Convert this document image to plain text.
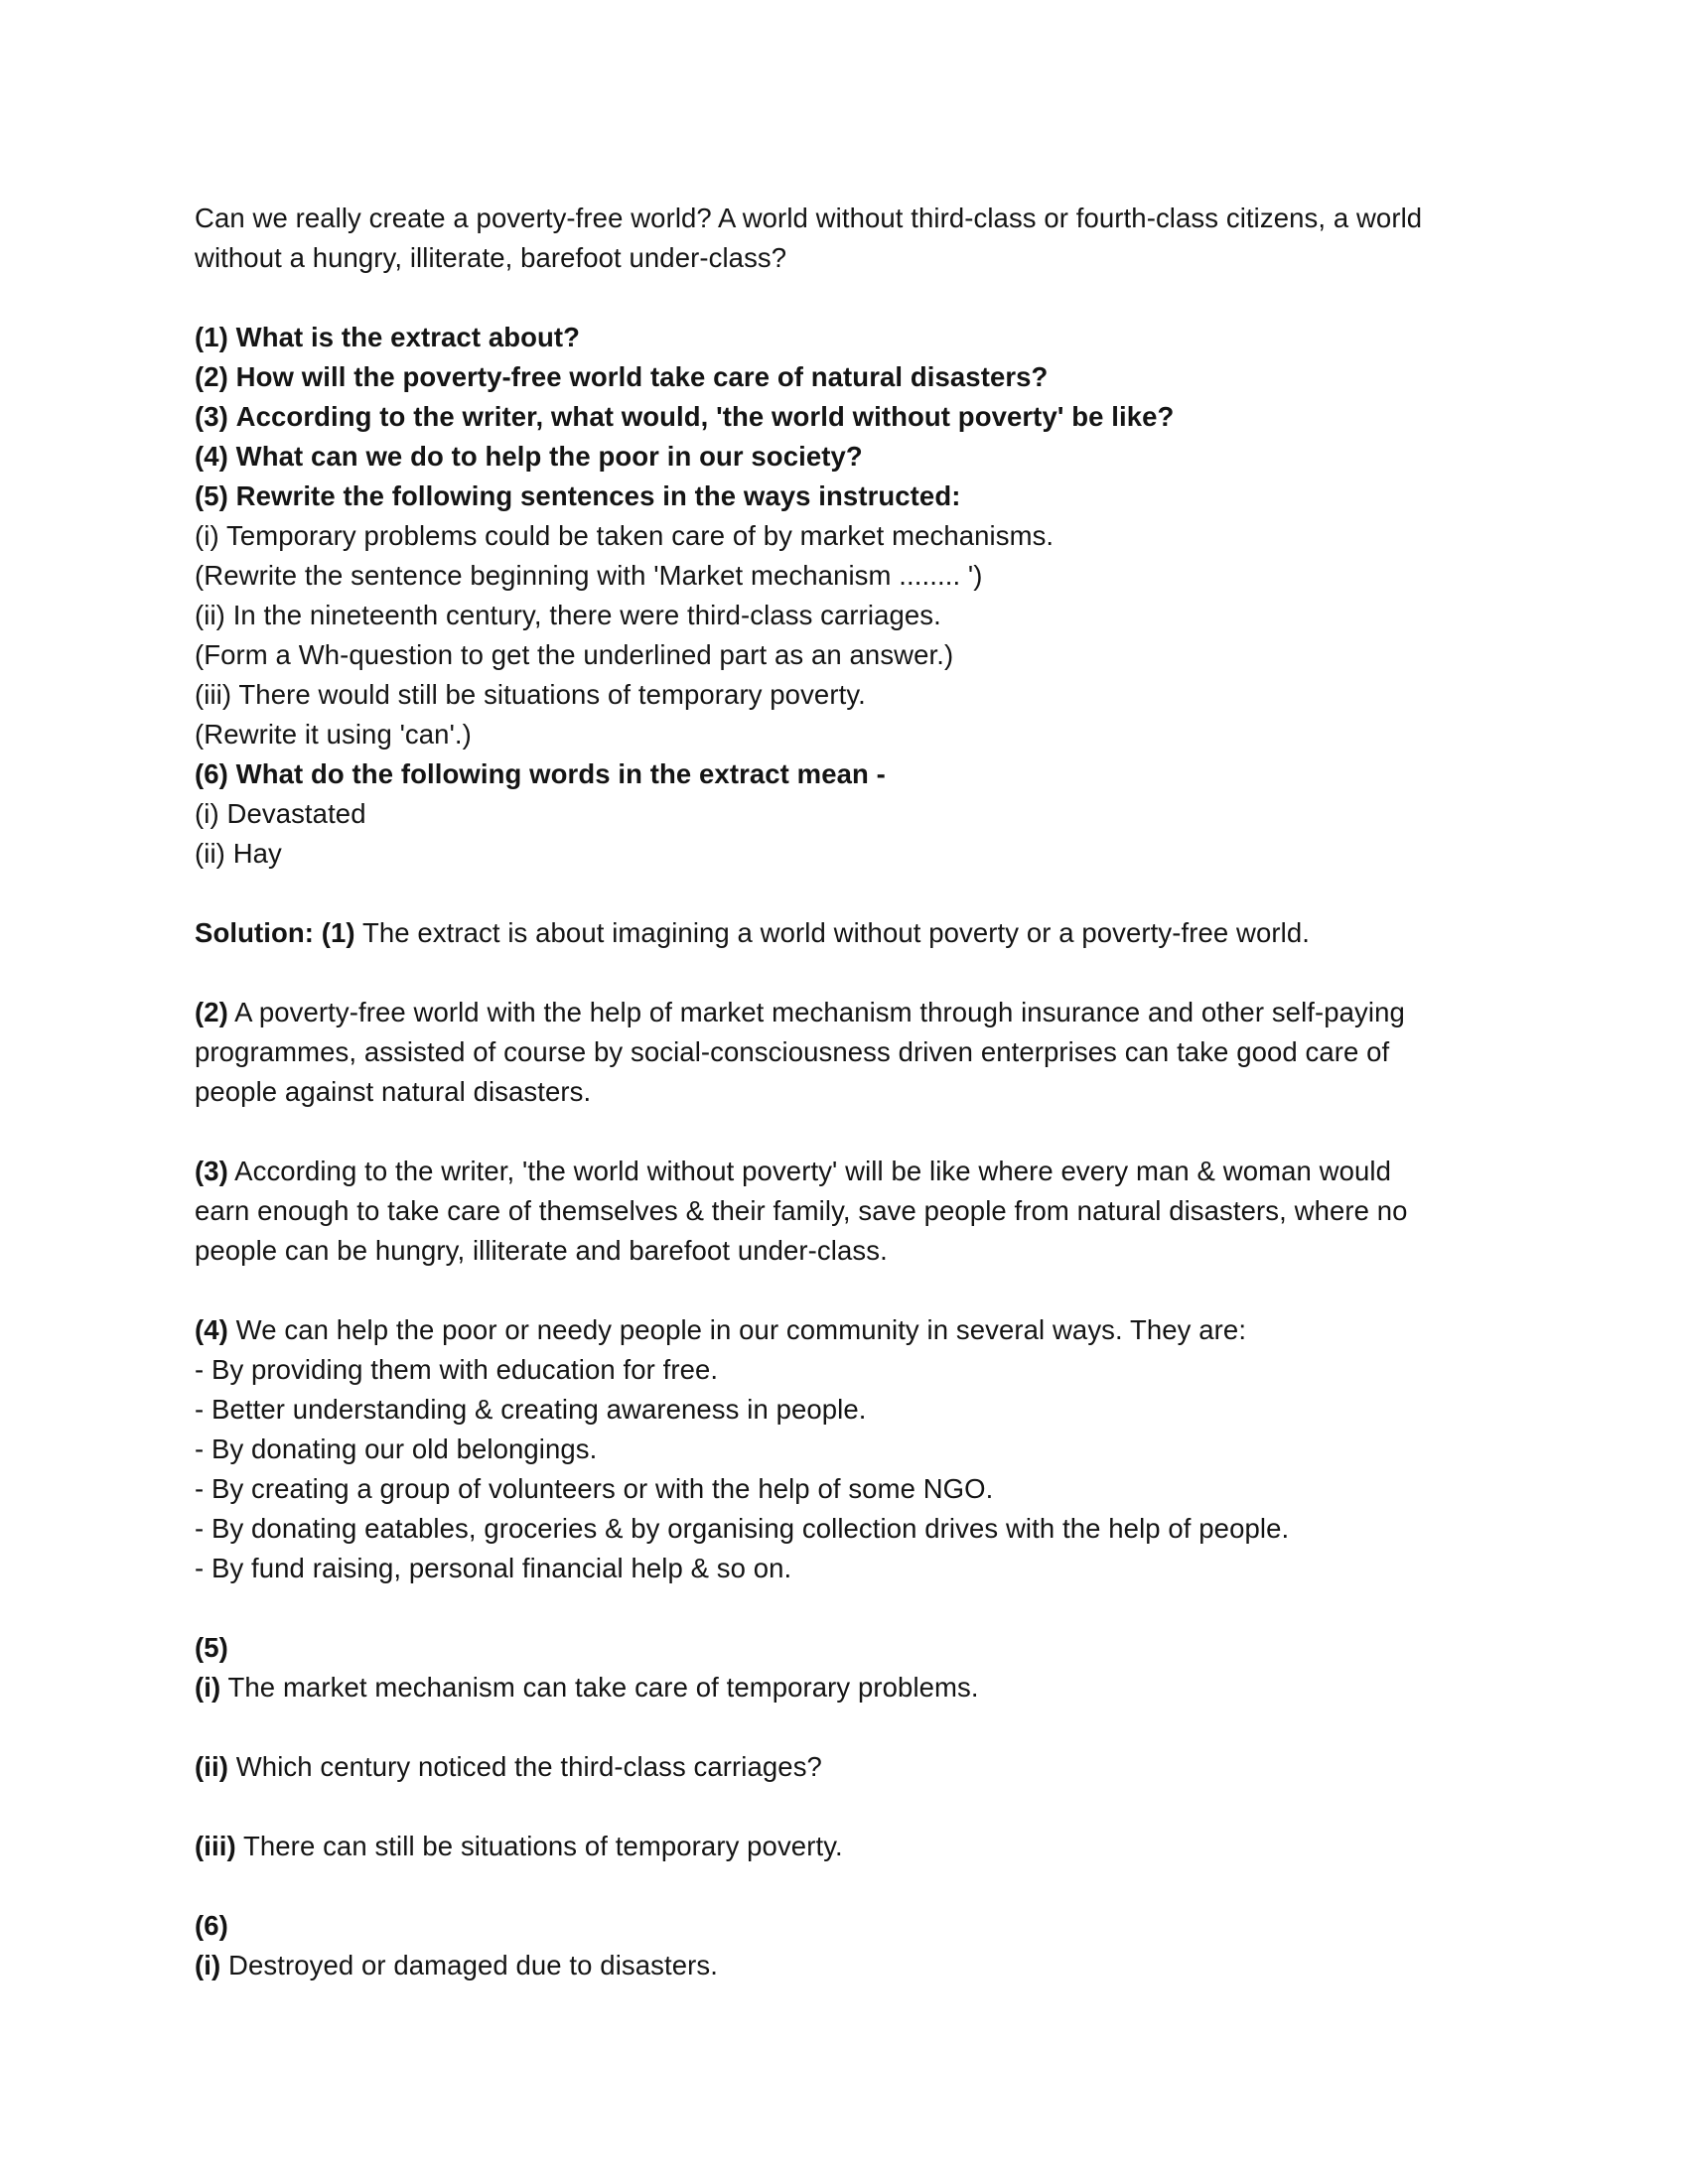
Can we really create a poverty-free world? A world without third-class or fourth-class citizens, a world without a hungry, illiterate, barefoot under-class?

(1) What is the extract about?
(2) How will the poverty-free world take care of natural disasters?
(3) According to the writer, what would, 'the world without poverty' be like?
(4) What can we do to help the poor in our society?
(5) Rewrite the following sentences in the ways instructed:
(i) Temporary problems could be taken care of by market mechanisms.
(Rewrite the sentence beginning with 'Market mechanism ........ ')
(ii) In the nineteenth century, there were third-class carriages.
(Form a Wh-question to get the underlined part as an answer.)
(iii) There would still be situations of temporary poverty.
(Rewrite it using 'can'.)
(6) What do the following words in the extract mean -
(i) Devastated
(ii) Hay

Solution: (1) The extract is about imagining a world without poverty or a poverty-free world.

(2) A poverty-free world with the help of market mechanism through insurance and other self-paying
programmes, assisted of course by social-consciousness driven enterprises can take good care of people against natural disasters.

(3) According to the writer, 'the world without poverty' will be like where every man & woman would earn enough to take care of themselves & their family, save people from natural disasters, where no people can be hungry, illiterate and barefoot under-class.

(4) We can help the poor or needy people in our community in several ways. They are:
- By providing them with education for free.
- Better understanding & creating awareness in people.
- By donating our old belongings.
- By creating a group of volunteers or with the help of some NGO.
- By donating eatables, groceries & by organising collection drives with the help of people.
- By fund raising, personal financial help & so on.
(5)

(i) The market mechanism can take care of temporary problems.

(ii) Which century noticed the third-class carriages?

(iii) There can still be situations of temporary poverty.

(6)

(i) Destroyed or damaged due to disasters.
